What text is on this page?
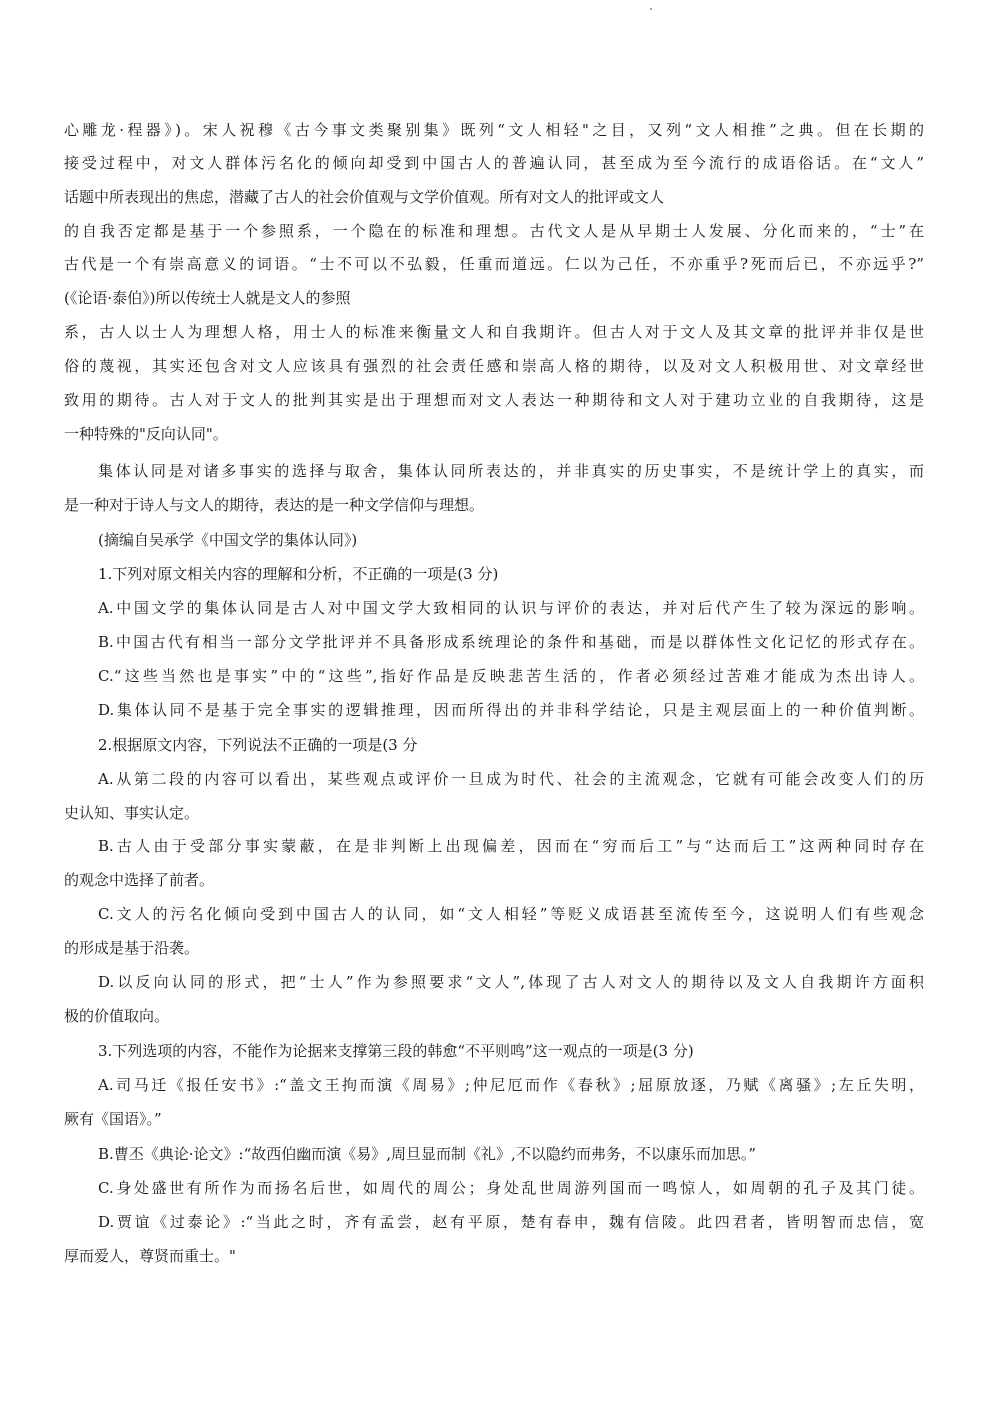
心雕龙·程器》)。宋人祝穆《古今事文类聚别集》既列“文人相轻"之目，又列“文人相推”之典。但在长期的
接受过程中，对文人群体污名化的倾向却受到中国古人的普遍认同，甚至成为至今流行的成语俗话。在“文人”
话题中所表现出的焦虑，潜藏了古人的社会价值观与文学价值观。所有对文人的批评或文人
的自我否定都是基于一个参照系，一个隐在的标准和理想。古代文人是从早期士人发展、分化而来的，“士”在
古代是一个有崇高意义的词语。“士不可以不弘毅，任重而道远。仁以为己任，不亦重乎?死而后已，不亦远乎?”
(《论语·泰伯》)所以传统士人就是文人的参照
系，古人以士人为理想人格，用士人的标准来衡量文人和自我期许。但古人对于文人及其文章的批评并非仅是世
俗的蔑视，其实还包含对文人应该具有强烈的社会责任感和崇高人格的期待，以及对文人积极用世、对文章经世
致用的期待。古人对于文人的批判其实是出于理想而对文人表达一种期待和文人对于建功立业的自我期待，这是
一种特殊的"反向认同"。
集体认同是对诸多事实的选择与取舍，集体认同所表达的，并非真实的历史事实，不是统计学上的真实，而
是一种对于诗人与文人的期待，表达的是一种文学信仰与理想。
(摘编自吴承学《中国文学的集体认同》)
1.下列对原文相关内容的理解和分析，不正确的一项是(3 分)
A.中国文学的集体认同是古人对中国文学大致相同的认识与评价的表达，并对后代产生了较为深远的影响。
B.中国古代有相当一部分文学批评并不具备形成系统理论的条件和基础，而是以群体性文化记忆的形式存在。
C.“这些当然也是事实”中的“这些”,指好作品是反映悲苦生活的，作者必须经过苦难才能成为杰出诗人。
D.集体认同不是基于完全事实的逻辑推理，因而所得出的并非科学结论，只是主观层面上的一种价值判断。
2.根据原文内容，下列说法不正确的一项是(3 分
A.从第二段的内容可以看出，某些观点或评价一旦成为时代、社会的主流观念，它就有可能会改变人们的历
史认知、事实认定。
B.古人由于受部分事实蒙蔽，在是非判断上出现偏差，因而在“穷而后工”与“达而后工”这两种同时存在
的观念中选择了前者。
C.文人的污名化倾向受到中国古人的认同，如“文人相轻”等贬义成语甚至流传至今，这说明人们有些观念
的形成是基于沿袭。
D.以反向认同的形式，把“士人”作为参照要求“文人”,体现了古人对文人的期待以及文人自我期许方面积
极的价值取向。
3.下列选项的内容，不能作为论据来支撑第三段的韩愈“不平则鸣”这一观点的一项是(3 分)
A.司马迁《报任安书》:“盖文王拘而演《周易》;仲尼厄而作《春秋》;屈原放逐，乃赋《离骚》;左丘失明，
厥有《国语》。”
B.曹丕《典论·论文》:“故西伯幽而演《易》,周旦显而制《礼》,不以隐约而弗务，不以康乐而加思。”
C.身处盛世有所作为而扬名后世，如周代的周公；身处乱世周游列国而一鸣惊人，如周朝的孔子及其门徒。
D.贾谊《过泰论》:“当此之时，齐有孟尝，赵有平原，楚有春申，魏有信陵。此四君者，皆明智而忠信，宽
厚而爱人，尊贤而重士。"
